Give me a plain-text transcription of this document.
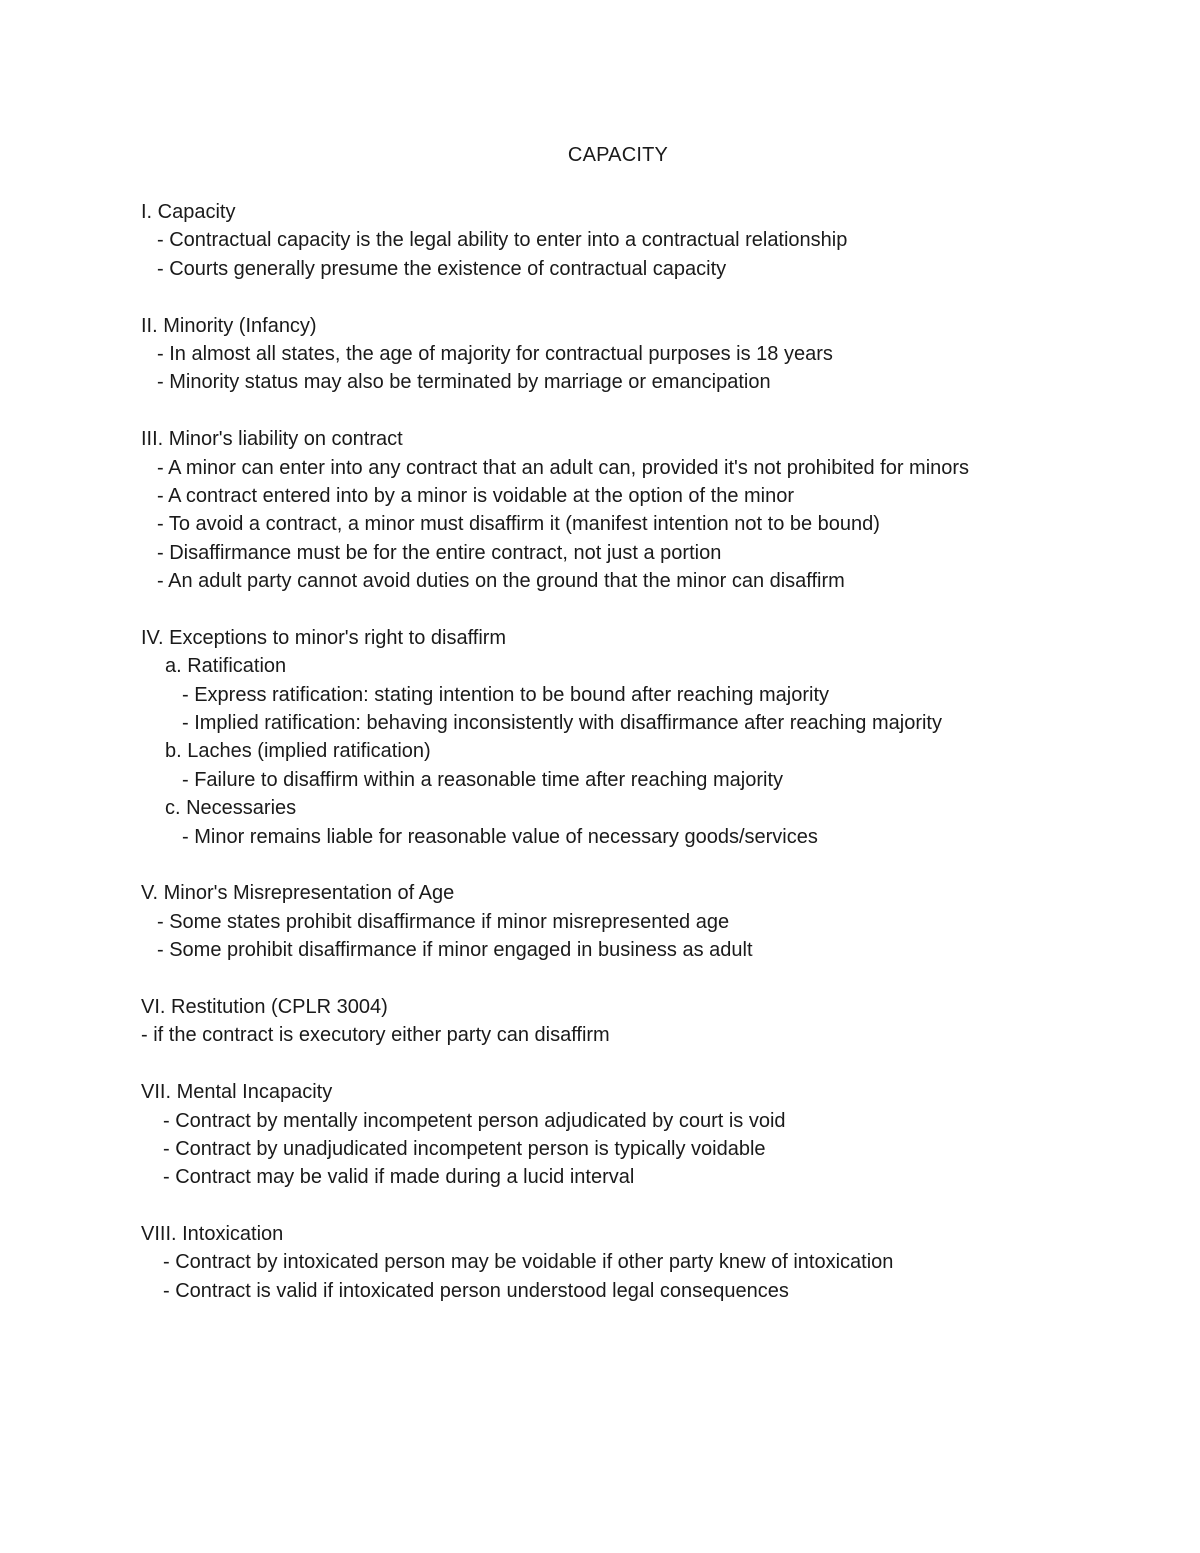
CAPACITY
I. Capacity
- Contractual capacity is the legal ability to enter into a contractual relationship
- Courts generally presume the existence of contractual capacity
II. Minority (Infancy)
- In almost all states, the age of majority for contractual purposes is 18 years
- Minority status may also be terminated by marriage or emancipation
III. Minor's liability on contract
- A minor can enter into any contract that an adult can, provided it's not prohibited for minors
- A contract entered into by a minor is voidable at the option of the minor
- To avoid a contract, a minor must disaffirm it (manifest intention not to be bound)
- Disaffirmance must be for the entire contract, not just a portion
- An adult party cannot avoid duties on the ground that the minor can disaffirm
IV. Exceptions to minor's right to disaffirm
a. Ratification
- Express ratification: stating intention to be bound after reaching majority
- Implied ratification: behaving inconsistently with disaffirmance after reaching majority
b. Laches (implied ratification)
- Failure to disaffirm within a reasonable time after reaching majority
c. Necessaries
- Minor remains liable for reasonable value of necessary goods/services
V. Minor's Misrepresentation of Age
- Some states prohibit disaffirmance if minor misrepresented age
- Some prohibit disaffirmance if minor engaged in business as adult
VI. Restitution (CPLR 3004)
- if the contract is executory either party can disaffirm
VII. Mental Incapacity
- Contract by mentally incompetent person adjudicated by court is void
- Contract by unadjudicated incompetent person is typically voidable
- Contract may be valid if made during a lucid interval
VIII. Intoxication
- Contract by intoxicated person may be voidable if other party knew of intoxication
- Contract is valid if intoxicated person understood legal consequences
